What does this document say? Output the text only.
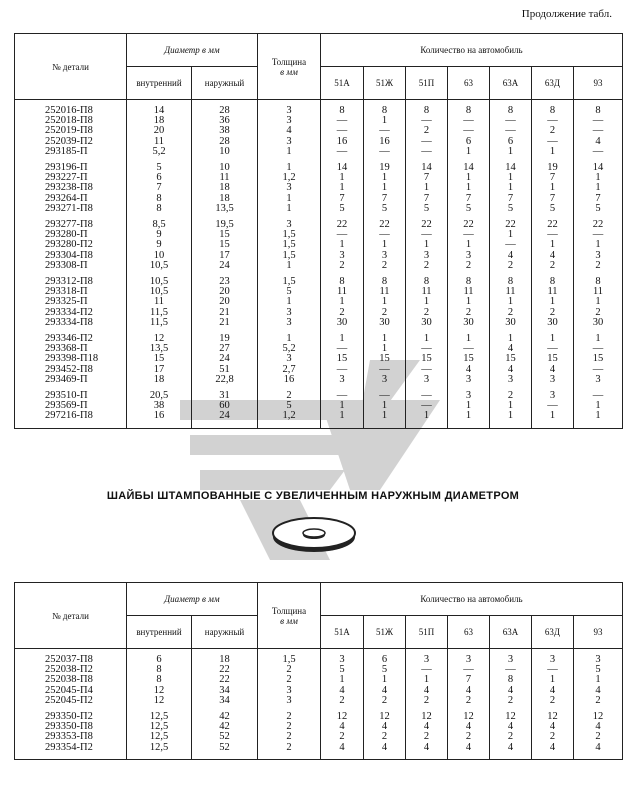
Продолжение табл.
№ детали	Диаметр в мм		Толщина
в мм	Количество на автомобиль						
	внутренний	наружный		51А	51Ж	51П	63	63А	63Д	93

252016-П8	14	28	3	8	8	8	8	8	8	8
252018-П8	18	36	3	—	1	—	—	—	—	—
252019-П8	20	38	4	—	—	2	—	—	2	—
252039-П2	11	28	3	16	16	—	6	6	—	4
293185-П	5,2	10	1	—	—	—	1	1	1	—

293196-П	5	10	1	14	19	14	14	14	19	14
293227-П	6	11	1,2	1	1	7	1	1	7	1
293238-П8	7	18	3	1	1	1	1	1	1	1
293264-П	8	18	1	7	7	7	7	7	7	7
293271-П8	8	13,5	1	5	5	5	5	5	5	5

293277-П8	8,5	19,5	3	22	22	22	22	22	22	22
293280-П	9	15	1,5	—	—	—	—	1	—	—
293280-П2	9	15	1,5	1	1	1	1	—	1	1
293304-П8	10	17	1,5	3	3	3	3	4	4	3
293308-П	10,5	24	1	2	2	2	2	2	2	2

293312-П8	10,5	23	1,5	8	8	8	8	8	8	8
293318-П	10,5	20	5	11	11	11	11	11	11	11
293325-П	11	20	1	1	1	1	1	1	1	1
293334-П2	11,5	21	3	2	2	2	2	2	2	2
293334-П8	11,5	21	3	30	30	30	30	30	30	30

293346-П2	12	19	1	1	1	1	1	1	1	1
293368-П	13,5	27	5,2	—	1	—	—	4	—	—
293398-П18	15	24	3	15	15	15	15	15	15	15
293452-П8	17	51	2,7	—	—	—	4	4	4	—
293469-П	18	22,8	16	3	3	3	3	3	3	3

293510-П	20,5	31	2	—	—	—	3	2	3	—
293569-П	38	60	5	1	1	—	1	1	—	1
297216-П8	16	24	1,2	1	1	1	1	1	1	1

ШАЙБЫ ШТАМПОВАННЫЕ С УВЕЛИЧЕННЫМ НАРУЖНЫМ ДИАМЕТРОМ
№ детали	Диаметр в мм		Толщина
в мм	Количество на автомобиль						
	внутренний	наружный		51А	51Ж	51П	63	63А	63Д	93

252037-П8	6	18	1,5	3	6	3	3	3	3	3
252038-П2	8	22	2	5	5	—	—	—	—	5
252038-П8	8	22	2	1	1	1	7	8	1	1
252045-П4	12	34	3	4	4	4	4	4	4	4
252045-П2	12	34	3	2	2	2	2	2	2	2

293350-П2	12,5	42	2	12	12	12	12	12	12	12
293350-П8	12,5	42	2	4	4	4	4	4	4	4
293353-П8	12,5	52	2	2	2	2	2	2	2	2
293354-П2	12,5	52	2	4	4	4	4	4	4	4
